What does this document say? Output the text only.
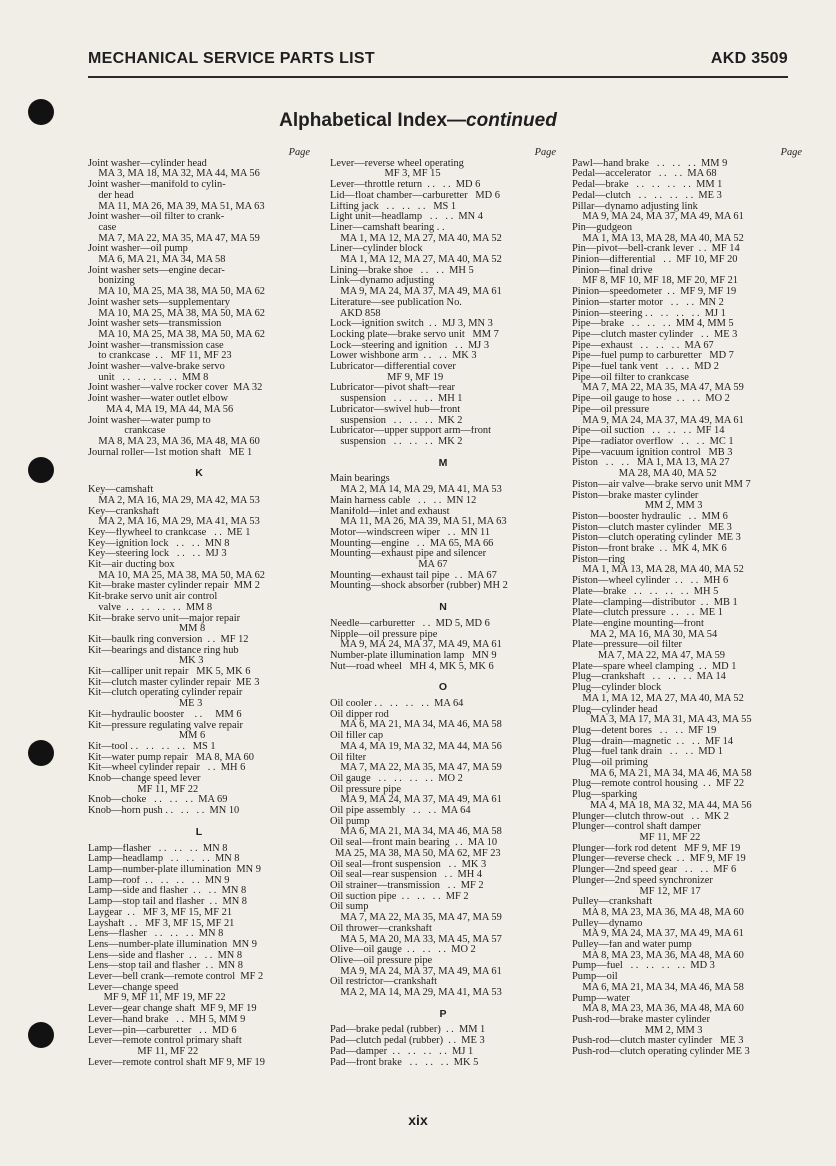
MECHANICAL SERVICE PARTS LIST	AKD 3509
Alphabetical Index—continued
Page
Joint washer—cylinder head
MA 3, MA 18, MA 32, MA 44, MA 56
Joint washer—manifold to cylin-
der head
MA 11, MA 26, MA 39, MA 51, MA 63
Joint washer—oil filter to crank-
case
MA 7, MA 22, MA 35, MA 47, MA 59
Joint washer—oil pump
MA 6, MA 21, MA 34, MA 58
Joint washer sets—engine decar-
bonizing
MA 10, MA 25, MA 38, MA 50, MA 62
Joint washer sets—supplementary
MA 10, MA 25, MA 38, MA 50, MA 62
Joint washer sets—transmission
MA 10, MA 25, MA 38, MA 50, MA 62
Joint washer—transmission case
to crankcase  . .   MF 11, MF 23
Joint washer—valve-brake servo
unit   . .   . .   . .   . .  MM 8
Joint washer—valve rocker cover  MA 32
Joint washer—water outlet elbow
MA 4, MA 19, MA 44, MA 56
Joint washer—water pump to
crankcase
MA 8, MA 23, MA 36, MA 48, MA 60
Journal roller—1st motion shaft   ME 1
K
Key—camshaft
MA 2, MA 16, MA 29, MA 42, MA 53
Key—crankshaft
MA 2, MA 16, MA 29, MA 41, MA 53
Key—flywheel to crankcase   . .  ME 1
Key—ignition lock   . .   . .  MN 8
Key—steering lock   . .   . .  MJ 3
Kit—air ducting box
MA 10, MA 25, MA 38, MA 50, MA 62
Kit—brake master cylinder repair  MM 2
Kit-brake servo unit air control
valve  . .   . .   . .   . .  MM 8
Kit—brake servo unit—major repair
MM 8
Kit—baulk ring conversion  . .  MF 12
Kit—bearings and distance ring hub
MK 3
Kit—calliper unit repair   MK 5, MK 6
Kit—clutch master cylinder repair  ME 3
Kit—clutch operating cylinder repair
ME 3
Kit—hydraulic booster    . .     MM 6
Kit—pressure regulating valve repair
MM 6
Kit—tool . .   . .   . .   . .   MS 1
Kit—water pump repair   MA 8, MA 60
Kit—wheel cylinder repair   . .  MH 6
Knob—change speed lever
MF 11, MF 22
Knob—choke   . .   . .   . .  MA 69
Knob—horn push . .   . .   . .  MN 10
L
Lamp—flasher   . .   . .   . .  MN 8
Lamp—headlamp   . .   . .   . .  MN 8
Lamp—number-plate illumination  MN 9
Lamp—roof  . .   . .   . .   . .  MN 9
Lamp—side and flasher  . .   . .  MN 8
Lamp—stop tail and flasher  . .  MN 8
Laygear  . .   MF 3, MF 15, MF 21
Layshaft  . .   MF 3, MF 15, MF 21
Lens—flasher   . .   . .   . .  MN 8
Lens—number-plate illumination  MN 9
Lens—side and flasher  . .   . .  MN 8
Lens—stop tail and flasher  . .  MN 8
Lever—bell crank—remote control  MF 2
Lever—change speed
MF 9, MF 11, MF 19, MF 22
Lever—gear change shaft  MF 9, MF 19
Lever—hand brake   . .  MH 5, MM 9
Lever—pin—carburetter   . .  MD 6
Lever—remote control primary shaft
MF 11, MF 22
Lever—remote control shaft MF 9, MF 19
Page
Lever—reverse wheel operating
MF 3, MF 15
Lever—throttle return  . .   . .  MD 6
Lid—float chamber—carburetter   MD 6
Lifting jack   . .   . .   . .   MS 1
Light unit—headlamp   . .   . .  MN 4
Liner—camshaft bearing . .
MA 1, MA 12, MA 27, MA 40, MA 52
Liner—cylinder block
MA 1, MA 12, MA 27, MA 40, MA 52
Lining—brake shoe   . .   . .  MH 5
Link—dynamo adjusting
MA 9, MA 24, MA 37, MA 49, MA 61
Literature—see publication No.
AKD 858
Lock—ignition switch  . .  MJ 3, MN 3
Locking plate—brake servo unit   MM 7
Lock—steering and ignition   . .  MJ 3
Lower wishbone arm  . .   . .  MK 3
Lubricator—differential cover
MF 9, MF 19
Lubricator—pivot shaft—rear
suspension   . .   . .   . .  MH 1
Lubricator—swivel hub—front
suspension   . .   . .   . .  MK 2
Lubricator—upper support arm—front
suspension   . .   . .   . .  MK 2
M
Main bearings
MA 2, MA 14, MA 29, MA 41, MA 53
Main harness cable   . .   . .  MN 12
Manifold—inlet and exhaust
MA 11, MA 26, MA 39, MA 51, MA 63
Motor—windscreen wiper   . .  MN 11
Mounting—engine   . .  MA 65, MA 66
Mounting—exhaust pipe and silencer
MA 67
Mounting—exhaust tail pipe  . .  MA 67
Mounting—shock absorber (rubber) MH 2
N
Needle—carburetter   . .  MD 5, MD 6
Nipple—oil pressure pipe
MA 9, MA 24, MA 37, MA 49, MA 61
Number-plate illumination lamp   MN 9
Nut—road wheel   MH 4, MK 5, MK 6
O
Oil cooler . .   . .   . .   . .  MA 64
Oil dipper rod
MA 6, MA 21, MA 34, MA 46, MA 58
Oil filler cap
MA 4, MA 19, MA 32, MA 44, MA 56
Oil filter
MA 7, MA 22, MA 35, MA 47, MA 59
Oil gauge   . .   . .   . .   . .  MO 2
Oil pressure pipe
MA 9, MA 24, MA 37, MA 49, MA 61
Oil pipe assembly   . .   . .  MA 64
Oil pump
MA 6, MA 21, MA 34, MA 46, MA 58
Oil seal—front main bearing  . .  MA 10
MA 25, MA 38, MA 50, MA 62, MF 23
Oil seal—front suspension   . .  MK 3
Oil seal—rear suspension   . .  MH 4
Oil strainer—transmission   . .  MF 2
Oil suction pipe  . .   . .   . .  MF 2
Oil sump
MA 7, MA 22, MA 35, MA 47, MA 59
Oil thrower—crankshaft
MA 5, MA 20, MA 33, MA 45, MA 57
Olive—oil gauge  . .   . .   . .  MO 2
Olive—oil pressure pipe
MA 9, MA 24, MA 37, MA 49, MA 61
Oil restrictor—crankshaft
MA 2, MA 14, MA 29, MA 41, MA 53
P
Pad—brake pedal (rubber)  . .  MM 1
Pad—clutch pedal (rubber)  . .  ME 3
Pad—damper  . .   . .   . .   . .  MJ 1
Pad—front brake   . .   . .   . .  MK 5
Page
Pawl—hand brake   . .   . .   . .  MM 9
Pedal—accelerator   . .   . .  MA 68
Pedal—brake   . .   . .   . .   . .  MM 1
Pedal—clutch   . .   . .   . .   . .  ME 3
Pillar—dynamo adjusting link
MA 9, MA 24, MA 37, MA 49, MA 61
Pin—gudgeon
MA 1, MA 13, MA 28, MA 40, MA 52
Pin—pivot—bell-crank lever  . .  MF 14
Pinion—differential   . .  MF 10, MF 20
Pinion—final drive
MF 8, MF 10, MF 18, MF 20, MF 21
Pinion—speedometer  . .  MF 9, MF 19
Pinion—starter motor   . .   . .  MN 2
Pinion—steering . .   . .   . .   . .  MJ 1
Pipe—brake   . .   . .   . .  MM 4, MM 5
Pipe—clutch master cylinder   . .  ME 3
Pipe—exhaust   . .   . .   . .  MA 67
Pipe—fuel pump to carburetter   MD 7
Pipe—fuel tank vent   . .   . .  MD 2
Pipe—oil filter to crankcase
MA 7, MA 22, MA 35, MA 47, MA 59
Pipe—oil gauge to hose  . .   . .  MO 2
Pipe—oil pressure
MA 9, MA 24, MA 37, MA 49, MA 61
Pipe—oil suction   . .   . .   . .  MF 14
Pipe—radiator overflow   . .   . .  MC 1
Pipe—vacuum ignition control   MB 3
Piston   . .   . .   MA 1, MA 13, MA 27
MA 28, MA 40, MA 52
Piston—air valve—brake servo unit MM 7
Piston—brake master cylinder
MM 2, MM 3
Piston—booster hydraulic   . .  MM 6
Piston—clutch master cylinder   ME 3
Piston—clutch operating cylinder  ME 3
Piston—front brake  . .  MK 4, MK 6
Piston—ring
MA 1, MA 13, MA 28, MA 40, MA 52
Piston—wheel cylinder  . .   . .  MH 6
Plate—brake   . .   . .   . .   . .  MH 5
Plate—clamping—distributor  . .  MB 1
Plate—clutch pressure  . .   . .  ME 1
Plate—engine mounting—front
MA 2, MA 16, MA 30, MA 54
Plate—pressure—oil filter
MA 7, MA 22, MA 47, MA 59
Plate—spare wheel clamping  . .  MD 1
Plug—crankshaft   . .   . .   . .  MA 14
Plug—cylinder block
MA 1, MA 12, MA 27, MA 40, MA 52
Plug—cylinder head
MA 3, MA 17, MA 31, MA 43, MA 55
Plug—detent bores   . .   . .  MF 19
Plug—drain—magnetic  . .   . .  MF 14
Plug—fuel tank drain   . .   . .  MD 1
Plug—oil priming
MA 6, MA 21, MA 34, MA 46, MA 58
Plug—remote control housing  . .  MF 22
Plug—sparking
MA 4, MA 18, MA 32, MA 44, MA 56
Plunger—clutch throw-out   . .  MK 2
Plunger—control shaft damper
MF 11, MF 22
Plunger—fork rod detent   MF 9, MF 19
Plunger—reverse check  . .  MF 9, MF 19
Plunger—2nd speed gear   . .   . .  MF 6
Plunger—2nd speed synchronizer
MF 12, MF 17
Pulley—crankshaft
MA 8, MA 23, MA 36, MA 48, MA 60
Pulley—dynamo
MA 9, MA 24, MA 37, MA 49, MA 61
Pulley—fan and water pump
MA 8, MA 23, MA 36, MA 48, MA 60
Pump—fuel   . .   . .   . .   . .  MD 3
Pump—oil
MA 6, MA 21, MA 34, MA 46, MA 58
Pump—water
MA 8, MA 23, MA 36, MA 48, MA 60
Push-rod—brake master cylinder
MM 2, MM 3
Push-rod—clutch master cylinder   ME 3
Push-rod—clutch operating cylinder ME 3
xix
